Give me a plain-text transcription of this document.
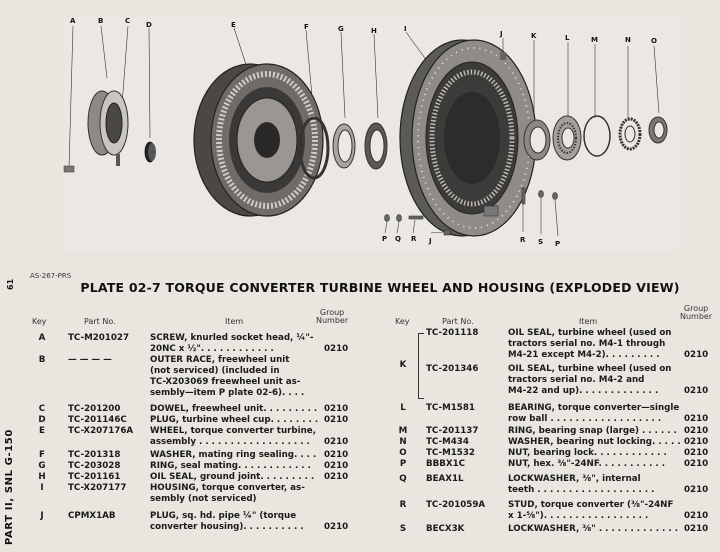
A	B	C D	E	F	G	H	I
J	K	L	M	N	O
P Q R J	R S P
AS-267-PRS
61
PART II, SNL G-150
PLATE 02-7 TORQUE CONVERTER TURBINE WHEEL AND HOUSING (EXPLODED VIEW)
Key	Part No.	Item
Group
Number	Key	Part No.	Item
Group
Number
A	TC-M201027 SCREW, knurled socket head, ¼"-
20NC x ½". . . . . . . . . . . .	0210
B	— — — —	OUTER RACE, freewheel unit
(not serviced) (included in
TC-X203069 freewheel unit as-
sembly—item P plate 02-6). . . .
C	TC-201200	DOWEL, freewheel unit. . . . . . . . . 0210
D	TC-201146C	PLUG, turbine wheel cup. . . . . . . . 0210
E	TC-X207176A WHEEL, torque converter turbine,
assembly . . . . . . . . . . . . . . . . . .	0210
F	TC-201318	WASHER, mating ring sealing. . . . 0210
G	TC-203028	RING, seal mating. . . . . . . . . . . .	0210
H	TC-201161	OIL SEAL, ground joint. . . . . . . . .	0210
I	TC-X207177	HOUSING, torque converter, as-
sembly (not serviced)
J	CPMX1AB	PLUG, sq. hd. pipe ¼" (torque
converter housing). . . . . . . . . .	0210
TC-201118	OIL SEAL, turbine wheel (used on
tractors serial no. M4-1 through
M4-21 except M4-2). . . . . . . . .	0210
K	TC-201346	OIL SEAL, turbine wheel (used on
tractors serial no. M4-2 and
M4-22 and up). . . . . . . . . . . . .	0210
L	TC-M1581	BEARING, torque converter—single
row ball . . . . . . . . . . . . . . . . . .	0210
M	TC-201137	RING, bearing snap (large) . . . . . . 0210
N	TC-M434	WASHER, bearing nut locking. . . . . 0210
O	TC-M1532	NUT, bearing lock. . . . . . . . . . . .	0210
P	BBBX1C	NUT, hex. ⅜"-24NF. . . . . . . . . . .	0210
Q	BEAX1L	LOCKWASHER, ⅜", internal
teeth . . . . . . . . . . . . . . . . . . .	0210
R	TC-201059A	STUD, torque converter (⅜"-24NF
x 1-⅝"). . . . . . . . . . . . . . . . .	0210
S	BECX3K	LOCKWASHER, ⅜" . . . . . . . . . . . . . 0210
